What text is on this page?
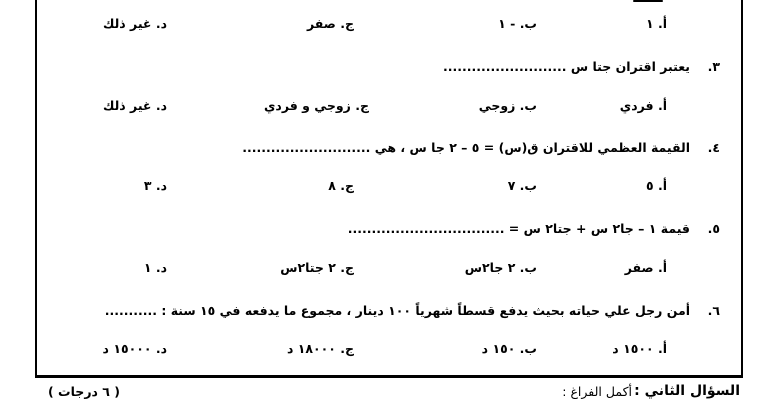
أ. ١
ب. - ١
ج. صفر
د. غير ذلك
٣.
يعتبر اقتران جتا س ..........................
أ. فردي
ب. زوجي
ج. زوجي و فردي
د. غير ذلك
٤.
القيمة العظمي للاقتران ق(س) = ٥ – ٢ جا س ، هي ...........................
أ. ٥
ب. ٧
ج. ٨
د. ٣
٥.
قيمة ١ – جا٢ س + جتا٢ س = .................................
أ. صفر
ب. ٢ جا٢س
ج. ٢ جتا٢س
د. ١
٦.
أمن رجل علي حياته بحيث يدفع قسطاً شهرياً ١٠٠ دينار ، مجموع ما يدفعه في ١٥ سنة : ...........
أ. ١٥٠٠ د
ب. ١٥٠ د
ج. ١٨٠٠٠ د
د. ١٥٠٠٠ د
السؤال الثاني :
أكمل الفراغ :
( ٦ درجات )
